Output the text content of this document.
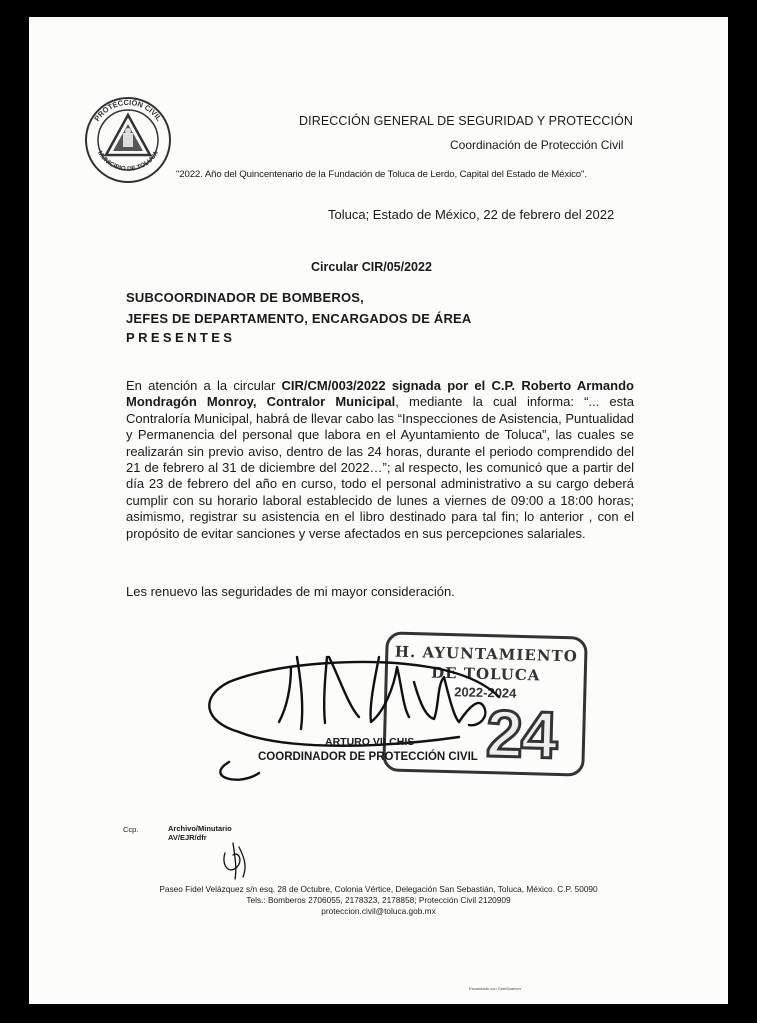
PROTECCIÓN CIVIL
MUNICIPIO DE TOLUCA
DIRECCIÓN GENERAL DE SEGURIDAD Y PROTECCIÓN
Coordinación de Protección Civil
"2022. Año del Quincentenario de la Fundación de Toluca de Lerdo, Capital del Estado de México".
Toluca; Estado de México, 22 de febrero del 2022
Circular CIR/05/2022
SUBCOORDINADOR DE BOMBEROS,
JEFES DE DEPARTAMENTO, ENCARGADOS DE ÁREA
PRESENTES
En atención a la circular CIR/CM/003/2022 signada por el C.P. Roberto Armando Mondragón Monroy, Contralor Municipal, mediante la cual informa: “... esta Contraloría Municipal, habrá de llevar cabo las “Inspecciones de Asistencia, Puntualidad y Permanencia del personal que labora en el Ayuntamiento de Toluca”, las cuales se realizarán sin previo aviso, dentro de las 24 horas, durante el periodo comprendido del 21 de febrero al 31 de diciembre del 2022…”; al respecto, les comunicó que a partir del día 23 de febrero del año en curso, todo el personal administrativo a su cargo deberá cumplir con su horario laboral establecido de lunes a viernes de 09:00 a 18:00 horas; asimismo, registrar su asistencia en el libro destinado para tal fin; lo anterior , con el propósito de evitar sanciones y verse afectados en sus percepciones salariales.
Les renuevo las seguridades de mi mayor consideración.
H. AYUNTAMIENTO
DE TOLUCA
2022-2024
24
ARTURO VILCHIS
COORDINADOR DE PROTECCIÓN CIVIL
Ccp.	Archivo/Minutario
AV/EJR/dfr
Paseo Fidel Velázquez s/n esq. 28 de Octubre, Colonia Vértice, Delegación San Sebastián, Toluca, México. C.P. 50090
Tels.: Bomberos 2706055, 2178323, 2178858; Protección Civil 2120909
proteccion.civil@toluca.gob.mx
Escaneado con CamScanner
